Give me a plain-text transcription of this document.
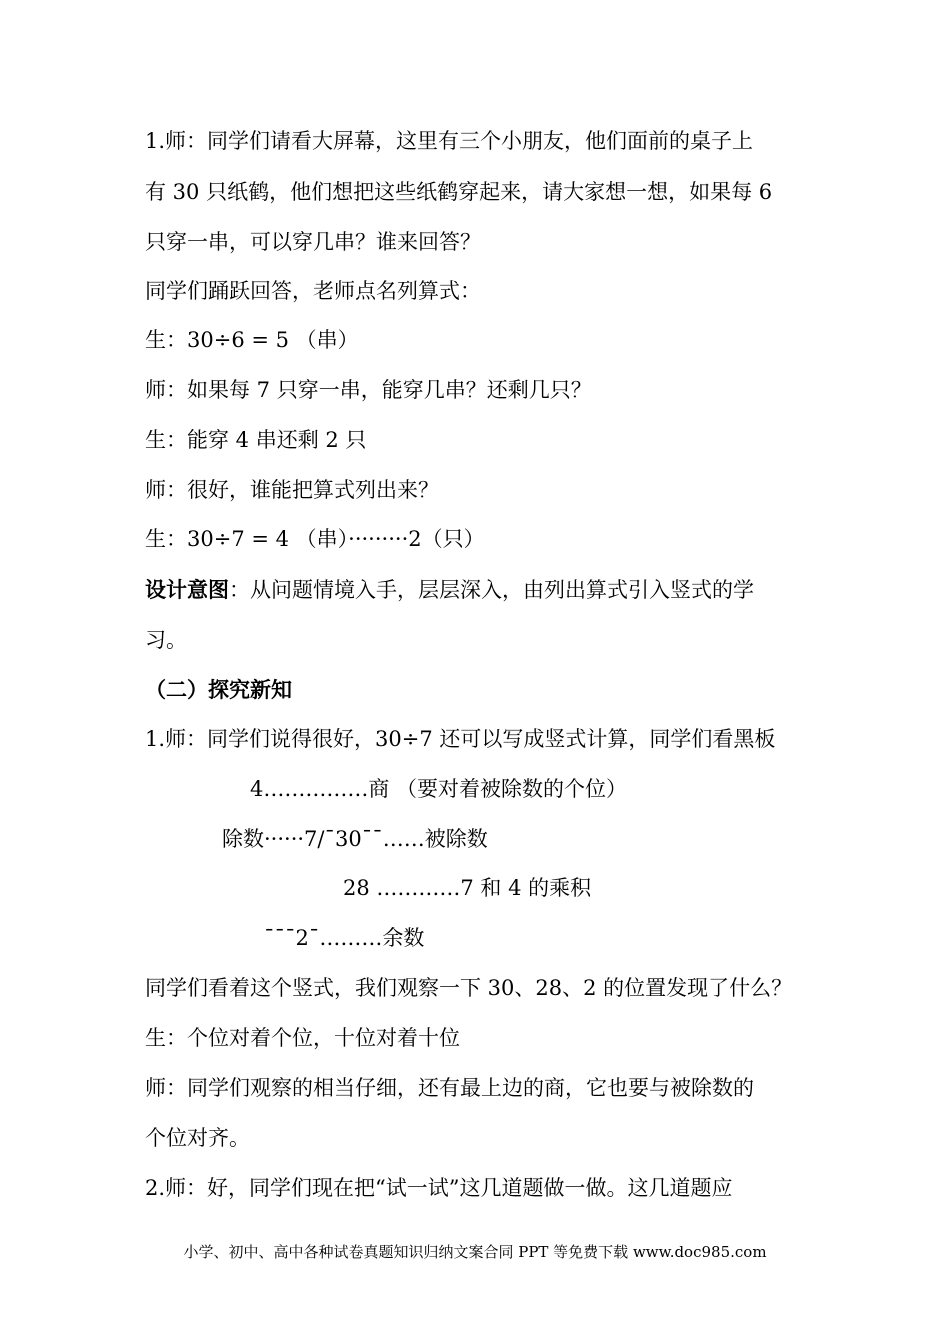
1.师：同学们请看大屏幕，这里有三个小朋友，他们面前的桌子上
有 30 只纸鹤，他们想把这些纸鹤穿起来，请大家想一想，如果每 6
只穿一串，可以穿几串？谁来回答？
同学们踊跃回答，老师点名列算式：
生：30÷6 = 5 （串）
师：如果每 7 只穿一串，能穿几串？还剩几只？
生：能穿 4 串还剩 2 只
师：很好，谁能把算式列出来？
生：30÷7 = 4 （串）·········2（只）
设计意图：从问题情境入手，层层深入，由列出算式引入竖式的学
习。
（二）探究新知
1.师：同学们说得很好，30÷7 还可以写成竖式计算，同学们看黑板
4……………商 （要对着被除数的个位）
除数······7/¯30¯¯……被除数
28 …………7 和 4 的乘积
¯¯¯2¯………余数
同学们看着这个竖式，我们观察一下 30、28、2 的位置发现了什么？
生：个位对着个位，十位对着十位
师：同学们观察的相当仔细，还有最上边的商，它也要与被除数的
个位对齐。
2.师：好，同学们现在把“试一试”这几道题做一做。这几道题应
小学、初中、高中各种试卷真题知识归纳文案合同 PPT 等免费下载 www.doc985.com
